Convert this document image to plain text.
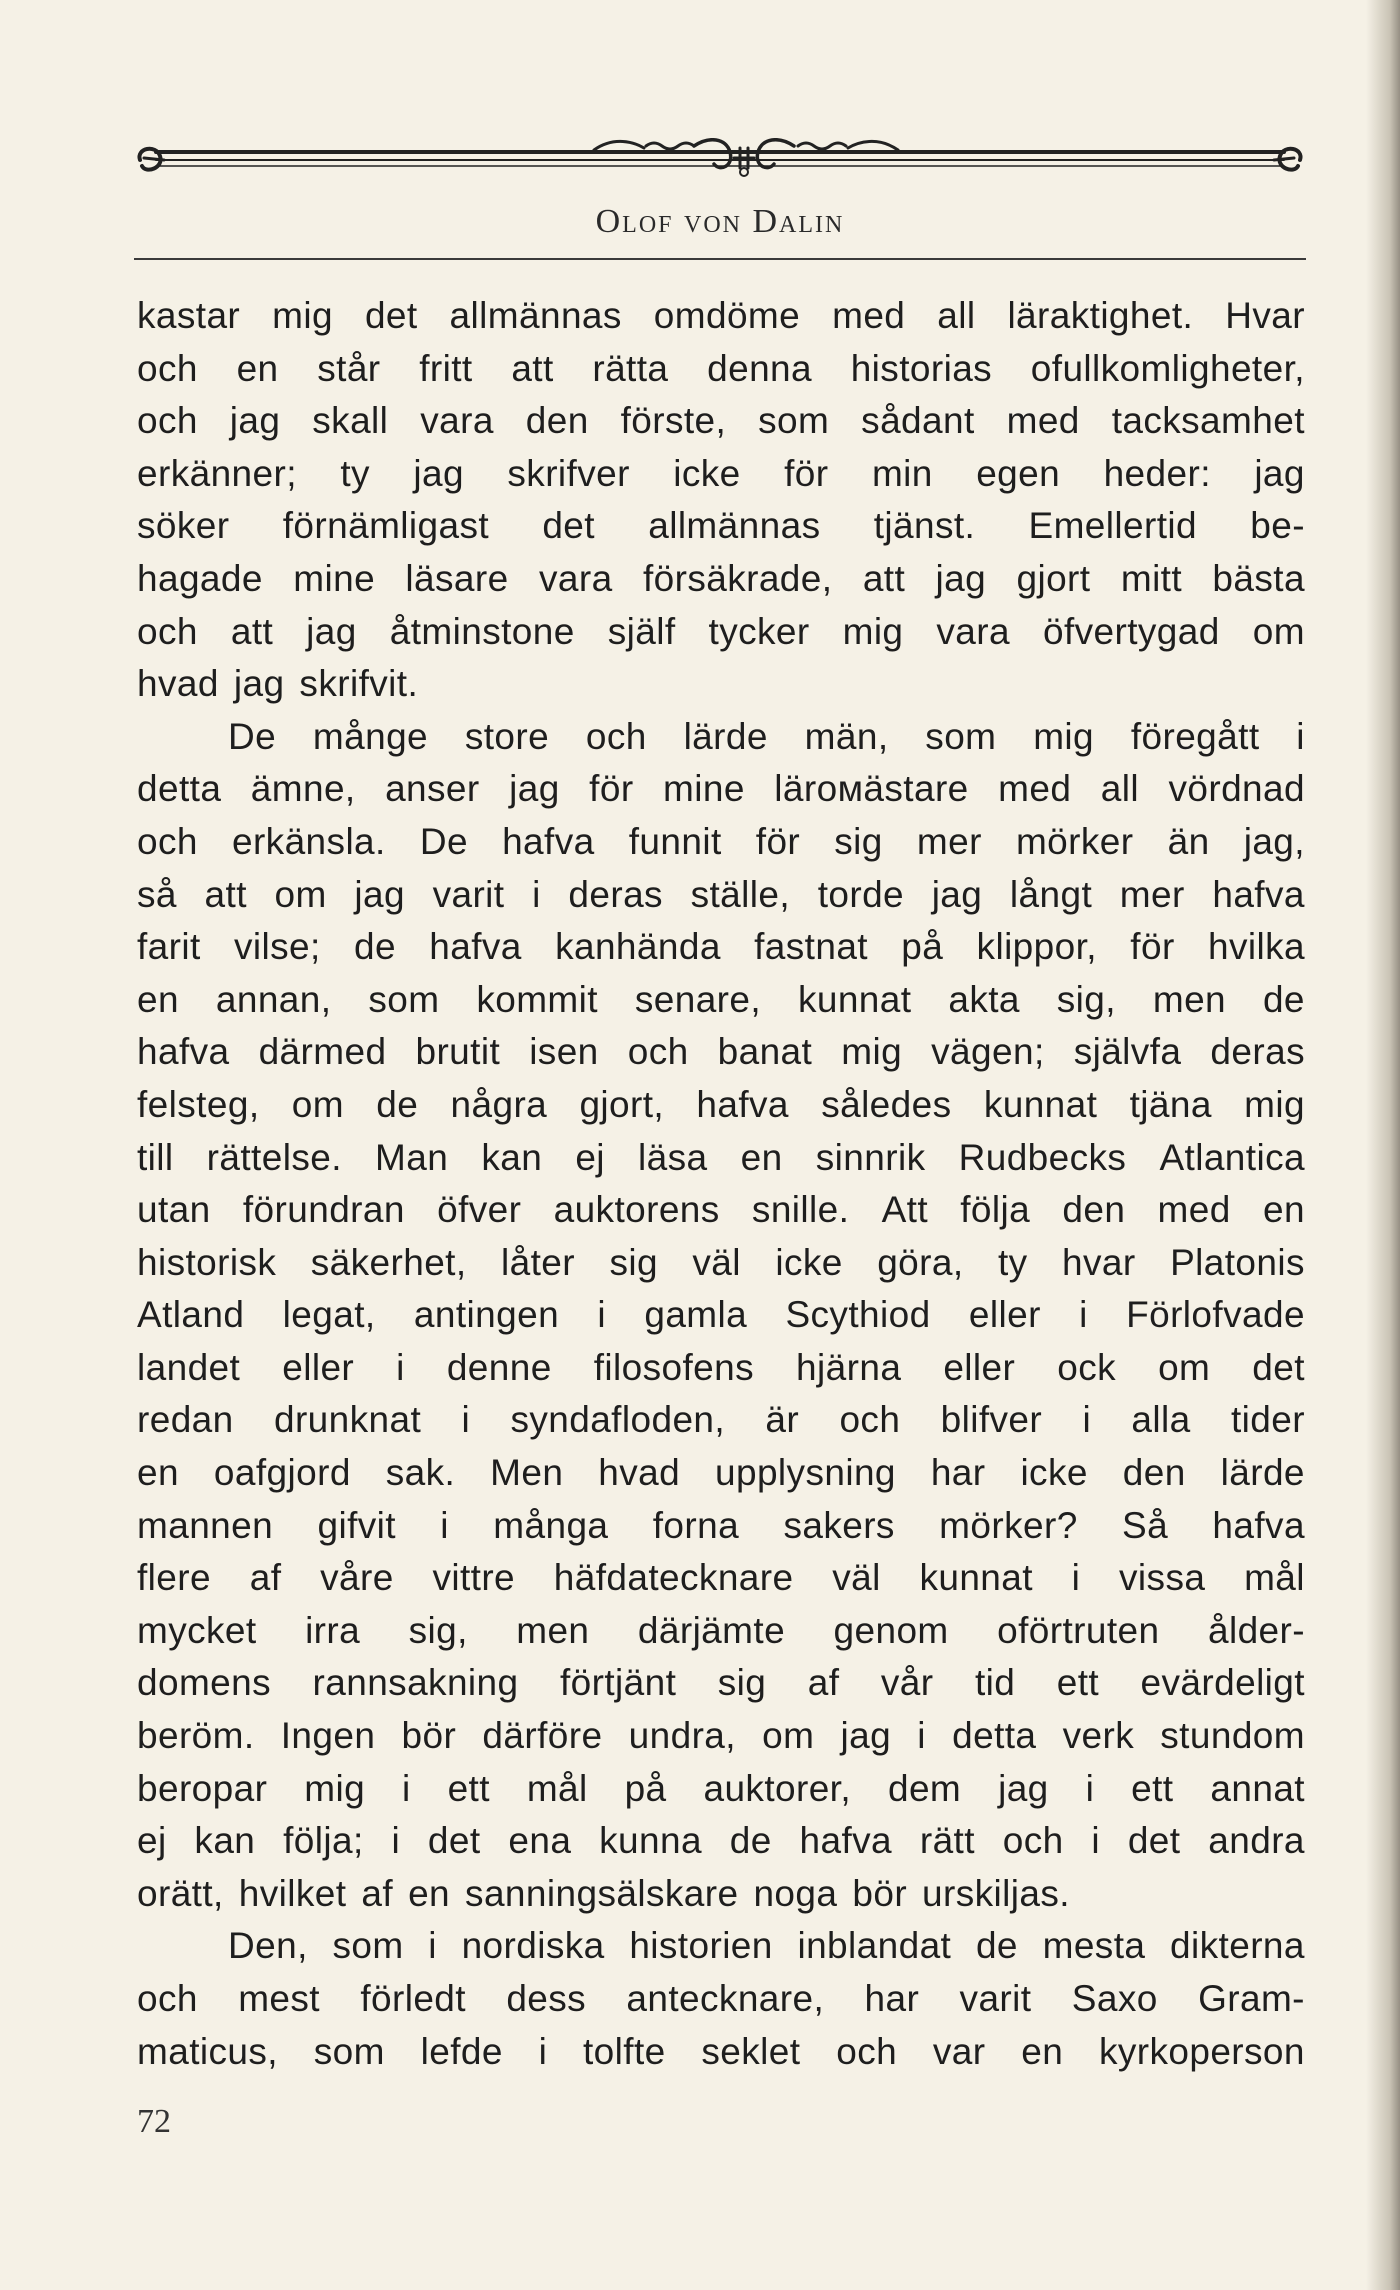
Olof von Dalin

kastar mig det allmännas omdöme med all läraktighet. Hvar
och en står fritt att rätta denna historias ofullkomligheter,
och jag skall vara den förste, som sådant med tacksamhet
erkänner; ty jag skrifver icke för min egen heder: jag
söker förnämligast det allmännas tjänst. Emellertid be-
hagade mine läsare vara försäkrade, att jag gjort mitt bästa
och att jag åtminstone själf tycker mig vara öfvertygad om
hvad jag skrifvit.
De månge store och lärde män, som mig föregått i
detta ämne, anser jag för mine lärомästare med all vördnad
och erkänsla. De hafva funnit för sig mer mörker än jag,
så att om jag varit i deras ställe, torde jag långt mer hafva
farit vilse; de hafva kanhända fastnat på klippor, för hvilka
en annan, som kommit senare, kunnat akta sig, men de
hafva därmed brutit isen och banat mig vägen; självfa deras
felsteg, om de några gjort, hafva således kunnat tjäna mig
till rättelse. Man kan ej läsa en sinnrik Rudbecks Atlantica
utan förundran öfver auktorens snille. Att följa den med en
historisk säkerhet, låter sig väl icke göra, ty hvar Platonis
Atland legat, antingen i gamla Scythiod eller i Förlofvade
landet eller i denne filosofens hjärna eller ock om det
redan drunknat i syndafloden, är och blifver i alla tider
en oafgjord sak. Men hvad upplysning har icke den lärde
mannen gifvit i många forna sakers mörker? Så hafva
flere af våre vittre häfdatecknare väl kunnat i vissa mål
mycket irra sig, men därjämte genom oförtruten ålder-
domens rannsakning förtjänt sig af vår tid ett evärdeligt
beröm. Ingen bör därföre undra, om jag i detta verk stundom
beropar mig i ett mål på auktorer, dem jag i ett annat
ej kan följa; i det ena kunna de hafva rätt och i det andra
orätt, hvilket af en sanningsälskare noga bör urskiljas.
Den, som i nordiska historien inblandat de mesta dikterna
och mest förledt dess antecknare, har varit Saxo Gram-
maticus, som lefde i tolfte seklet och var en kyrkoperson

72
